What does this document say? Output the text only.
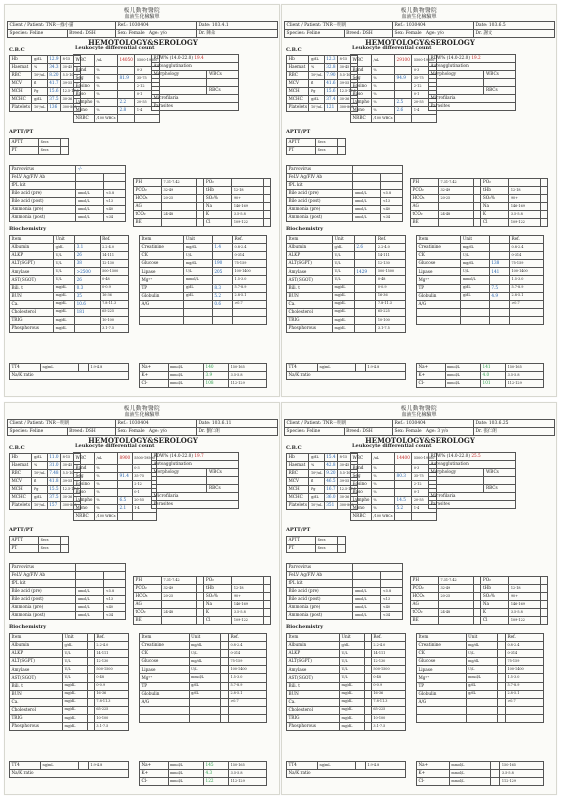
板儿動物醫院
血液生化檢驗單
Client / Patient: TNR－綠小貓		Ref.: 1030404	Date: 103.4.1
Species: Feline	Breed: DSH	Sex: Female Age: y/o	Dr. 陳朵
HEMOTOLOGY&SEROLOGY
C.B.C
Hb	g/dL	12.9	8-15
Haemat	%	34.3	30-45
RBC	10⁶/uL	8.20	5.5-10
MCV	fl	41.7	39-55
MCH	Pg	15.6	12.5-17.5
MCHC	g/dL	37.5	30-36
Platelets	10³/uL	136	300-800
Leukocyte differential count
WBC	/uL	14050	5500-19500
Band	%		0-3
Seg	%	81.9	35-75
Eosino	%		2-12
Baso	%		0-1
Lympho	%	2.2	20-55
Mono	%	2.8	1-4
NRBC	/100 WBCs		
RDW% (14.0-22.0) 19.4	
Autoagglutination	
Morphology	WBCs

	RBCs
Microfilaria	
Parasites	
APTT/PT
APTT	Secs	
PT	Secs	
Parvovirus	-/-	
FeLV Ag/FIV Ab		
fPL kit		
Bile acid (pre)	umol/L	<5.8
Bile acid (post)	umol/L	<13
Ammonia (pre)	umol/L	<40
Ammonia (post)	umol/L	<34
PH	7.31-7.42		PO₂		
PCO₂	32-49		tHb	12-18	
HCO₃	20-25		SO₂%	90+	
AG			Na	146-169	
tCO₂	24-48		K	3.5-5.8	
BE			Cl	109-122	
Biochemistry
Item	Unit		Ref.
Albumin	g/dL	3.1	2.2-4.0
ALKP	U/L	26	14-111
ALT(SGPT)	U/L	38	12-130
Amylase	U/L	>2500	500-1500
AST(SGOT)	U/L	26	0-48
Bili. t	mg/dL	0.3	0-0.9
BUN	mg/dL	35	16-36
Ca.	mg/dL	10.6	7.8-11.3
Cholesterol	mg/dL	181	65-225
TRIG	mg/dL		10-100
Phosphorous	mg/dL		3.1-7.5
Item	Unit		Ref.
Creatinine	mg/dL	1.4	0.8-2.4
CK	U/L		0-314
Glucose	mg/dL	190	75-159
Lipase	U/L	205	100-1400
Mg²⁺	mmol/L		1.5-3.0
TP	g/dL	8.3	5.7-8.9
Globulin	g/dL	5.2	2.8-5.1
A/G		0.6	>0.7

TT4	ng/mL		1.9-4.8
Na/K ratio
Na+	mmol/L	140	150-165
K+	mmol/L	3.9	3.5-5.8
Cl-	mmol/L	108	112-129
板儿動物醫院
血液生化檢驗單
Client / Patient: TNR－明朗		Ref.: 1030404	Date: 103.6.5
Species: Feline	Breed: DSH	Sex: Female Age: y/o	Dr. 謝文
HEMOTOLOGY&SEROLOGY
C.B.C
Hb	g/dL	12.3	8-15
Haemat	%	32.8	30-45
RBC	10⁶/uL	7.90	5.5-10
MCV	fl	41.6	39-55
MCH	Pg	15.6	12.5-17.5
MCHC	g/dL	37.4	30-36
Platelets	10³/uL	121	300-800
Leukocyte differential count
WBC	/uL	29100	5500-19500
Band	%		0-3
Seg	%	94.9	35-75
Eosino	%		2-12
Baso	%		0-1
Lympho	%	2.5	20-55
Mono	%	2.6	1-4
NRBC	/100 WBCs		
RDW% (14.0-22.0) 19.2	
Autoagglutination	
Morphology	WBCs

	RBCs
Microfilaria	
Parasites	
APTT/PT
APTT	Secs	
PT	Secs	
Parvovirus		
FeLV Ag/FIV Ab		
fPL kit		
Bile acid (pre)	umol/L	<5.8
Bile acid (post)	umol/L	<13
Ammonia (pre)	umol/L	<40
Ammonia (post)	umol/L	<34
PH	7.31-7.42		PO₂		
PCO₂	32-49		tHb	12-18	
HCO₃	20-25		SO₂%	90+	
AG			Na	146-169	
tCO₂	24-48		K	3.5-5.8	
BE			Cl	109-122	
Biochemistry
Item	Unit		Ref.
Albumin	g/dL	2.6	2.2-4.0
ALKP	U/L		14-111
ALT(SGPT)	U/L		12-130
Amylase	U/L	1429	500-1500
AST(SGOT)	U/L		0-48
Bili. t	mg/dL		0-0.9
BUN	mg/dL		16-36
Ca.	mg/dL		7.8-11.3
Cholesterol	mg/dL		65-225
TRIG	mg/dL		10-100
Phosphorous	mg/dL		3.1-7.5
Item	Unit		Ref.
Creatinine	mg/dL		0.8-2.4
CK	U/L		0-314
Glucose	mg/dL	138	75-159
Lipase	U/L	141	100-1400
Mg²⁺	mmol/L		1.5-3.0
TP	g/dL	7.5	5.7-8.9
Globulin	g/dL	4.9	2.8-5.1
A/G			>0.7

TT4	ng/mL		1.9-4.8
Na/K ratio
Na+	mmol/L	141	150-165
K+	mmol/L	4.0	3.5-5.8
Cl-	mmol/L	101	112-129
板儿動物醫院
血液生化檢驗單
Client / Patient: TNR－明朗		Ref.: 1030404	Date: 103.6.11
Species: Feline	Breed: DSH	Sex: Female Age: y/o	Dr. 劉仁朗
HEMOTOLOGY&SEROLOGY
C.B.C
Hb	g/dL	11.0	8-15
Haemat	%	31.0	30-45
RBC	10⁶/uL	7.48	5.5-10
MCV	fl	41.8	39-55
MCH	Pg	15.5	12.5-17.5
MCHC	g/dL	37.5	30-36
Platelets	10³/uL	157	300-800
Leukocyte differential count
WBC	/uL	8900	5500-19500
Band	%		0-3
Seg	%	91.4	35-75
Eosino	%		2-12
Baso	%		0-1
Lympho	%	6.5	20-55
Mono	%	2.1	1-4
NRBC	/100 WBCs		
RDW% (14.0-22.0) 19.7	
Autoagglutination	
Morphology	WBCs

	RBCs
Microfilaria	
Parasites	
APTT/PT
APTT	Secs	
PT	Secs	
Parvovirus		
FeLV Ag/FIV Ab		
fPL kit		
Bile acid (pre)	umol/L	<5.8
Bile acid (post)	umol/L	<13
Ammonia (pre)	umol/L	<40
Ammonia (post)	umol/L	<34
PH	7.31-7.42		PO₂		
PCO₂	32-49		tHb	12-18	
HCO₃	20-25		SO₂%	90+	
AG			Na	146-169	
tCO₂	24-48		K	3.5-5.8	
BE			Cl	109-122	
Biochemistry
Item	Unit		Ref.
Albumin	g/dL		2.2-4.0
ALKP	U/L		14-111
ALT(SGPT)	U/L		12-130
Amylase	U/L		500-1500
AST(SGOT)	U/L		0-48
Bili. t	mg/dL		0-0.9
BUN	mg/dL		16-36
Ca.	mg/dL		7.8-11.3
Cholesterol	mg/dL		65-225
TRIG	mg/dL		10-100
Phosphorous	mg/dL		3.1-7.5
Item	Unit		Ref.
Creatinine	mg/dL		0.8-2.4
CK	U/L		0-314
Glucose	mg/dL		75-159
Lipase	U/L		100-1400
Mg²⁺	mmol/L		1.5-3.0
TP	g/dL		5.7-8.9
Globulin	g/dL		2.8-5.1
A/G			>0.7

TT4	ng/mL		1.9-4.8
Na/K ratio
Na+	mmol/L	145	150-165
K+	mmol/L	4.3	3.5-5.8
Cl-	mmol/L	122	112-129
板儿動物醫院
血液生化檢驗單
Client / Patient: TNR－明朗		Ref.: 1030404	Date: 103.6.25
Species: Feline	Breed: DSH	Sex: Female Age: 3 y/o	Dr. 張仁朗
HEMOTOLOGY&SEROLOGY
C.B.C
Hb	g/dL	15.4	8-15
Haemat	%	42.8	30-45
RBC	10⁶/uL	9.20	5.5-10
MCV	fl	46.5	39-55
MCH	Pg	16.7	12.5-17.5
MCHC	g/dL	36.0	30-36
Platelets	10³/uL	351	300-800
Leukocyte differential count
WBC	/uL	14400	5500-19500
Band	%		0-3
Seg	%	80.3	35-75
Eosino	%		2-12
Baso	%		0-1
Lympho	%	14.5	20-55
Mono	%	5.2	1-4
NRBC	/100 WBCs		
RDW% (14.0-22.0) 25.5	
Autoagglutination	
Morphology	WBCs

	RBCs
Microfilaria	
Parasites	
APTT/PT
APTT	Secs	
PT	Secs	
Parvovirus		
FeLV Ag/FIV Ab		
fPL kit		
Bile acid (pre)	umol/L	<5.8
Bile acid (post)	umol/L	<13
Ammonia (pre)	umol/L	<40
Ammonia (post)	umol/L	<34
PH	7.31-7.42		PO₂		
PCO₂	32-49		tHb	12-18	
HCO₃	20-25		SO₂%	90+	
AG			Na	146-169	
tCO₂	24-48		K	3.5-5.8	
BE			Cl	109-122	
Biochemistry
Item	Unit		Ref.
Albumin	g/dL		2.2-4.0
ALKP	U/L		14-111
ALT(SGPT)	U/L		12-130
Amylase	U/L		500-1500
AST(SGOT)	U/L		0-48
Bili. t	mg/dL		0-0.9
BUN	mg/dL		16-36
Ca.	mg/dL		7.8-11.3
Cholesterol	mg/dL		65-225
TRIG	mg/dL		10-100
Phosphorous	mg/dL		3.1-7.5
Item	Unit		Ref.
Creatinine	mg/dL		0.8-2.4
CK	U/L		0-314
Glucose	mg/dL		75-159
Lipase	U/L		100-1400
Mg²⁺	mmol/L		1.5-3.0
TP	g/dL		5.7-8.9
Globulin	g/dL		2.8-5.1
A/G			>0.7

TT4	ng/mL		1.9-4.8
Na/K ratio
Na+	mmol/L		150-165
K+	mmol/L		3.5-5.8
Cl-	mmol/L		112-129
